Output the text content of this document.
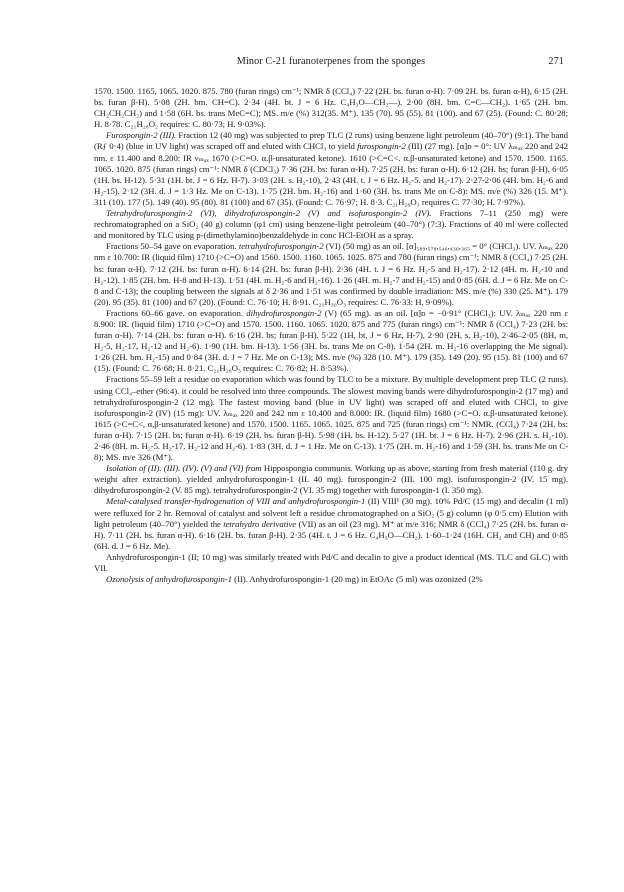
Minor C-21 furanoterpenes from the sponges	271

1570. 1500. 1165, 1065. 1020. 875. 780 (furan rings) cm⁻¹; NMR δ (CCl₄) 7·22 (2H. bs. furan α-H). 7·09 2H. bs. furan α-H), 6·15 (2H. bs. furan β-H). 5·08 (2H. bm. CH=C). 2·34 (4H. bt. J = 6 Hz. C₄H₃O—CH₂—). 2·00 (8H. bm. C=C—CH₂). 1·65 (2H. bm. CH₂CH₂CH₂) and 1·58 (6H. bs. trans MeC=C); MS. m/e (%) 312(35. M⁺). 135 (70). 95 (55). 81 (100). and 67 (25). (Found: C. 80·28; H. 8·78. C₂₁H₂₈O₂ requires: C. 80·73; H. 9·03%).

Furospongin-2 (III). Fraction 12 (40 mg) was subjected to prep TLC (2 runs) using benzene light petroleum (40–70°) (9:1). The band (Rƒ 0·4) (blue in UV light) was scraped off and eluted with CHCl₃ to yield furospongin-2 (III) (27 mg). [α]ᴅ = 0°: UV λₘₐₓ 220 and 242 nm. ε 11.400 and 8.200: IR νₘₐₓ 1670 (>C=O. α.β-unsaturated ketone). 1610 (>C=C<. α.β-unsaturated ketone) and 1570. 1500. 1165. 1065. 1020. 875 (furan rings) cm⁻¹: NMR δ (CDCl₃) 7·36 (2H. bs: furan α-H). 7·25 (2H. bs: furan α-H). 6·12 (2H. bs; furan β-H). 6·05 (1H. bs. H-12). 5·31 (1H. bt. J = 6 Hz. H-7). 3·03 (2H. s. H₂-10), 2·43 (4H. t. J = 6 Hz. H₂-5. and H₂-17). 2·27-2·06 (4H. bm. H₂-6 and H₂-15). 2·12 (3H. d. J = 1·3 Hz. Me on C-13). 1·75 (2H. bm. H₂-16) and 1·60 (3H. bs. trans Me on C-8): MS. m/e (%) 326 (15. M⁺). 311 (10). 177 (5). 149 (40). 95 (80). 81 (100) and 67 (35). (Found: C. 76·97; H. 8·3. C₂₁H₂₆O₃ requires C. 77·30; H. 7·97%).

Tetrahydrofurospongin-2 (VI), dihydrofurospongin-2 (V) and isofurospongin-2 (IV). Fractions 7–11 (250 mg) were rechromatographed on a SiO₂ (40 g) column (φ1 cm) using benzene-light petroleum (40–70°) (7:3). Fractions of 40 ml were collected and monitored by TLC using p-(dimethylamino)benzaldehyde in conc HCl-EtOH as a spray.

Fractions 50–54 gave on evaporation. tetrahydrofurospongin-2 (VI) (50 mg) as an oil. [α]₅₈₉,₅₇₈,₅₄₆,₄₃₆,₃₆₅ = 0° (CHCl₃). UV. λₘₐₓ 220 nm ε 10.700: IR (liquid film) 1710 (>C=O) and 1560. 1500. 1160. 1065. 1025. 875 and 780 (furan rings) cm⁻¹; NMR δ (CCl₄) 7·25 (2H. bs: furan α-H). 7·12 (2H. bs: furan α-H). 6·14 (2H. bs: furan β-H). 2·36 (4H. t. J = 6 Hz. H₂-5 and H₂-17). 2·12 (4H. m. H₂-10 and H₂-12). 1·85 (2H. bm. H-8 and H-13). 1·51 (4H. m. H₂-6 and H₂-16). 1·26 (4H. m. H₂-7 and H₂-15) and 0·85 (6H. d. J = 6 Hz. Me on C-8 and C-13); the coupling between the signals at δ 2·36 and 1·51 was confirmed by double irradiation: MS. m/e (%) 330 (25. M⁺). 179 (20). 95 (35). 81 (100) and 67 (20). (Found: C. 76·10; H. 8·91. C₂₁H₃₀O₃ requires: C. 76·33: H. 9·09%).

Fractions 60–66 gave. on evaporation. dihydrofurospongin-2 (V) (65 mg). as an oil. [α]ᴅ = −0·91° (CHCl₃): UV. λₘₐₓ 220 nm ε 8.900: IR. (liquid film) 1710 (>C=O) and 1570. 1500. 1160. 1065. 1020. 875 and 775 (furan rings) cm⁻¹: NMR δ (CCl₄) 7·23 (2H. bs: furan α-H). 7·14 (2H. bs: furan α-H). 6·16 (2H. bs; furan β-H). 5·22 (1H, bt, J = 6 Hz, H-7), 2·90 (2H, s, H₂-10), 2·46–2·05 (8H, m, H₂-5, H₂-17, H₂-12 and H₂-6). 1·90 (1H. bm. H-13). 1·56 (3H. bs. trans Me on C-8). 1·54 (2H. m. H₂-16 overlapping the Me signal). 1·26 (2H. bm. H₂-15) and 0·84 (3H. d. J = 7 Hz. Me on C-13); MS. m/e (%) 328 (10. M⁺). 179 (35). 149 (20). 95 (15). 81 (100) and 67 (15). (Found: C. 76·68; H. 8·21. C₂₁H₂₈O₃ requires: C. 76·82; H. 8·53%).

Fractions 55–59 left a residue on evaporation which was found by TLC to be a mixture. By multiple development prep TLC (2 runs). using CCl₄–ether (96:4). it could be resolved into three compounds. The slowest moving bands were dihydrofurospongin-2 (17 mg) and tetrahydrofurospongin-2 (12 mg). The fastest moving band (blue in UV light) was scraped off and eluted with CHCl₃ to give isofurospongin-2 (IV) (15 mg): UV. λₘₐₓ 220 and 242 nm ε 10.400 and 8.000: IR. (liquid film) 1680 (>C=O. α.β-unsaturated ketone). 1615 (>C=C<, α,β-unsaturated ketone) and 1570. 1500. 1165. 1065. 1025. 875 and 725 (furan rings) cm⁻¹: NMR. (CCl₄) 7·24 (2H. bs: furan α-H). 7·15 (2H. bs; furan α-H). 6·19 (2H. bs. furan β-H). 5·98 (1H. bs. H-12). 5·27 (1H. bt. J = 6 Hz. H-7). 2·96 (2H. s. H₂-10). 2·46 (8H. m. H₂-5. H₂-17. H₂-12 and H₂-6). 1·83 (3H. d. J = 1 Hz. Me on C-13). 1·75 (2H. m. H₂-16) and 1·59 (3H. bs. trans Me on C-8); MS. m/e 326 (M⁺).

Isolation of (II). (III). (IV). (V) and (VI) from Hippospongia communis. Working up as above, starting from fresh material (110 g. dry weight after extraction). yielded anhydrofurospongin-1 (II. 40 mg). furospongin-2 (III. 100 mg). isofurospongin-2 (IV. 15 mg). dihydrofurospongin-2 (V. 85 mg). tetrahydrofurospongin-2 (VI. 35 mg) together with furospongin-1 (I. 350 mg).

Metal-catalysed transfer-hydrogenation of VIII and anhydrofurospongin-1 (II) VIII¹ (30 mg). 10% Pd/C (15 mg) and decalin (1 ml) were refluxed for 2 hr. Removal of catalyst and solvent left a residue chromatographed on a SiO₂ (5 g) column (φ 0·5 cm) Elution with light petroleum (40–70°) yielded the tetrahydro derivative (VII) as an oil (23 mg). M⁺ at m/e 316; NMR δ (CCl₄) 7·25 (2H. bs. furan α-H). 7·11 (2H. bs. furan α-H). 6·16 (2H. bs. furan β-H). 2·35 (4H. t. J = 6 Hz. C₄H₃O—CH₂). 1·60–1·24 (16H. CH₂ and CH) and 0·85 (6H. d. J = 6 Hz. Me).

Anhydrofurospongin-1 (II; 10 mg) was similarly treated with Pd/C and decalin to give a product identical (MS. TLC and GLC) with VII.

Ozonolysis of anhydrofurospongin-1 (II). Anhydrofurospongin-1 (20 mg) in EtOAc (5 ml) was ozonized (2%
